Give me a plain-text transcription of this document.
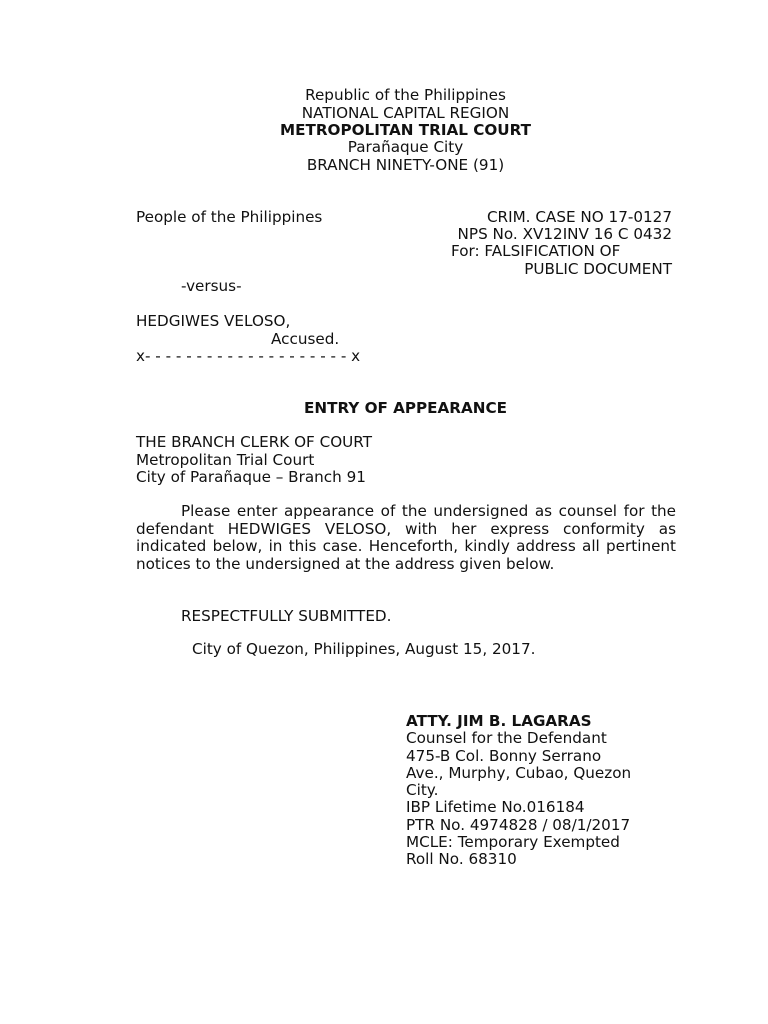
Republic of the Philippines
NATIONAL CAPITAL REGION
METROPOLITAN TRIAL COURT
Parañaque City
BRANCH NINETY-ONE (91)
People of the Philippines	CRIM. CASE NO 17-0127
NPS No. XV12INV 16 C 0432
For: FALSIFICATION OF
PUBLIC DOCUMENT
-versus-
HEDGIWES VELOSO,
Accused.
x- - - - - - - - - - - - - - - - - - - - x
ENTRY OF APPEARANCE
THE BRANCH CLERK OF COURT
Metropolitan Trial Court
City of Parañaque – Branch 91
Please enter appearance of the undersigned as counsel for the defendant HEDWIGES VELOSO, with her express conformity as indicated below, in this case. Henceforth, kindly address all pertinent notices to the undersigned at the address given below.
RESPECTFULLY SUBMITTED.
City of Quezon, Philippines, August 15, 2017.
ATTY. JIM B. LAGARAS
Counsel for the Defendant
475-B Col. Bonny Serrano
Ave., Murphy, Cubao, Quezon
City.
IBP Lifetime No.016184
PTR No. 4974828 / 08/1/2017
MCLE: Temporary Exempted
Roll No. 68310
